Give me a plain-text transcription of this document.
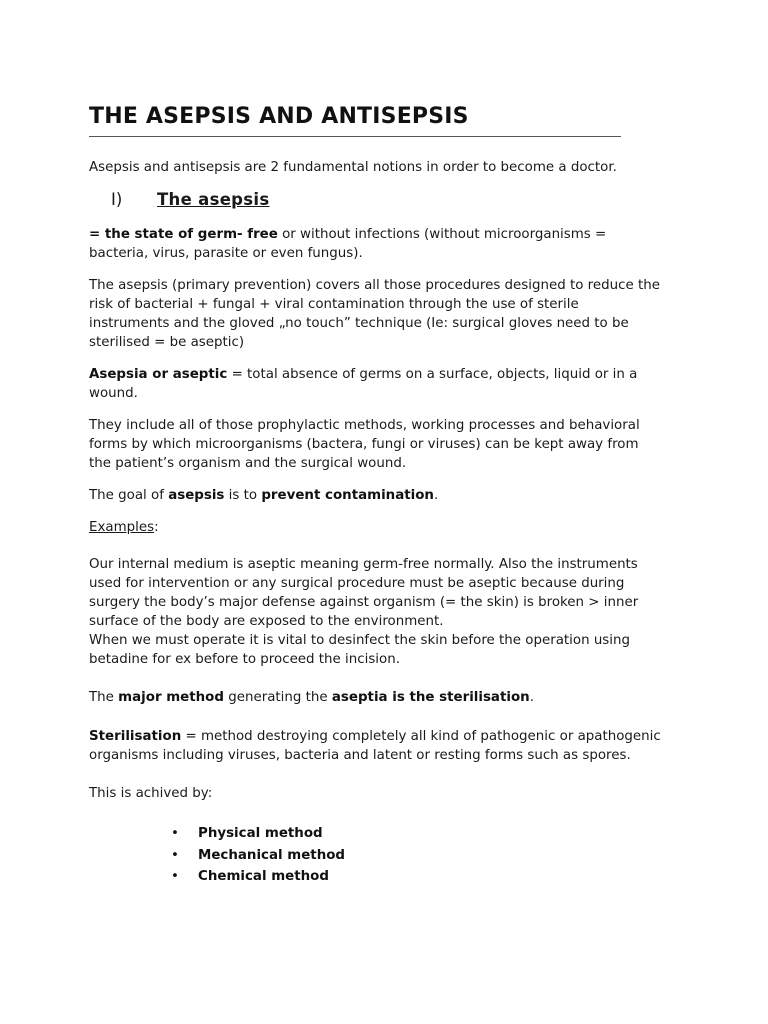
THE ASEPSIS AND ANTISEPSIS

Asepsis and antisepsis are 2 fundamental notions in order to become a doctor.

I) The asepsis

= the state of germ- free or without infections (without microorganisms =
bacteria, virus, parasite or even fungus).

The asepsis (primary prevention) covers all those procedures designed to reduce the
risk of bacterial + fungal + viral contamination through the use of sterile
instruments and the gloved „no touch” technique (Ie: surgical gloves need to be
sterilised = be aseptic)

Asepsia or aseptic = total absence of germs on a surface, objects, liquid or in a
wound.

They include all of those prophylactic methods, working processes and behavioral
forms by which microorganisms (bactera, fungi or viruses) can be kept away from
the patient’s organism and the surgical wound.

The goal of asepsis is to prevent contamination.

Examples:

Our internal medium is aseptic meaning germ-free normally. Also the instruments
used for intervention or any surgical procedure must be aseptic because during
surgery the body’s major defense against organism (= the skin) is broken > inner
surface of the body are exposed to the environment.
When we must operate it is vital to desinfect the skin before the operation using
betadine for ex before to proceed the incision.

The major method generating the aseptia is the sterilisation.

Sterilisation = method destroying completely all kind of pathogenic or apathogenic
organisms including viruses, bacteria and latent or resting forms such as spores.

This is achived by:

• Physical method
• Mechanical method
• Chemical method
